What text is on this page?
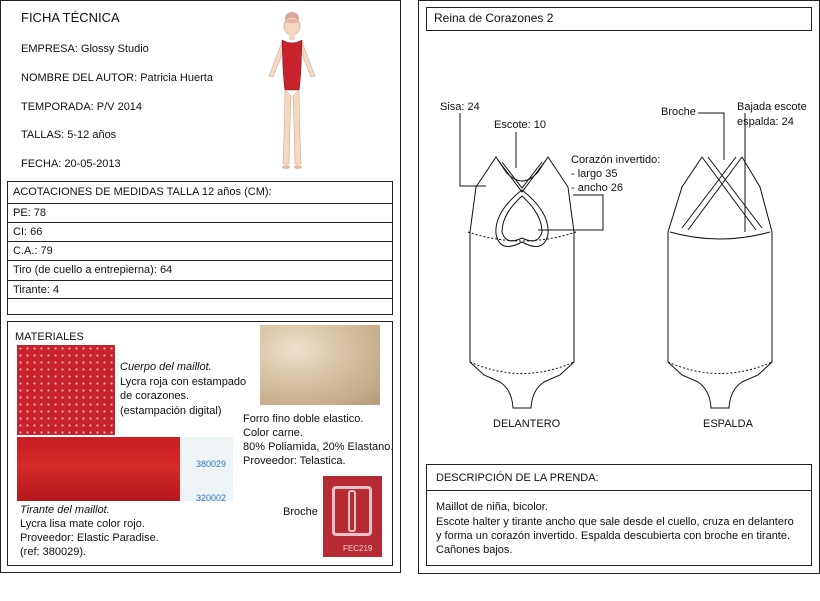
FICHA TÉCNICA
EMPRESA: Glossy Studio
NOMBRE DEL AUTOR: Patricia Huerta
TEMPORADA: P/V 2014
TALLAS: 5-12 años
FECHA: 20-05-2013
ACOTACIONES DE MEDIDAS TALLA 12 años (CM):
PE: 78
CI: 66
C.A.: 79
Tiro (de cuello a entrepierna): 64
Tirante: 4
MATERIALES
Cuerpo del maillot.
Lycra roja con estampado
de corazones.
(estampación digital)
Forro fino doble elastico.
Color carne.
80% Poliamida, 20% Elastano.
Proveedor: Telastica.
380029
320002
Tirante del maillot.
Lycra lisa mate color rojo.
Proveedor: Elastic Paradise.
(ref: 380029).
Broche
FEC219
Reina de Corazones 2
Sisa: 24
Escote: 10
Corazón invertido:
- largo 35
- ancho 26
Broche	Bajada escote
espalda: 24
DELANTERO	ESPALDA
DESCRIPCIÓN DE LA PRENDA:
Maillot de niña, bicolor.
Escote halter y tirante ancho que sale desde el cuello, cruza en delantero
y forma un corazón invertido. Espalda descubierta con broche en tirante.
Cañones bajos.
